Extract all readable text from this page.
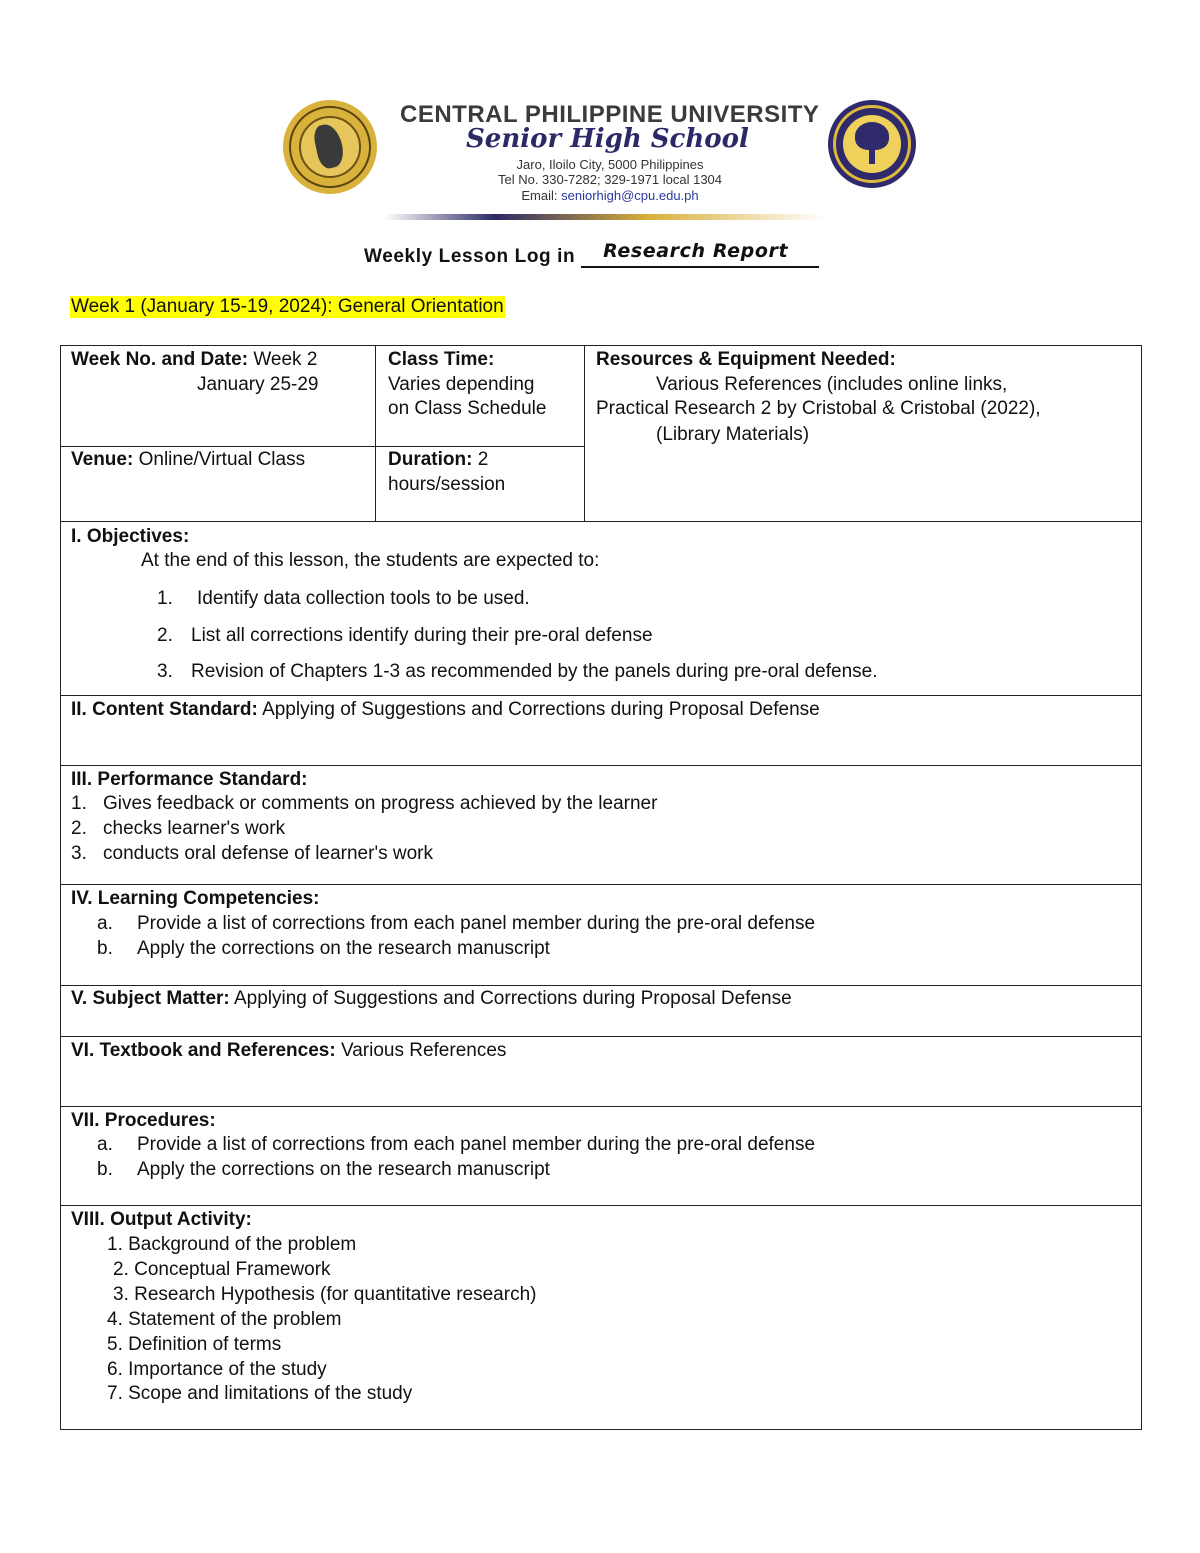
CENTRAL PHILIPPINE UNIVERSITY
Senior High School
Jaro, Iloilo City, 5000 Philippines
Tel No. 330-7282; 329-1971 local 1304
Email: seniorhigh@cpu.edu.ph
Weekly Lesson Log in Research Report
Week 1 (January 15-19, 2024): General Orientation
Week No. and Date: Week 2
January 25-29
Class Time:
Varies depending
on Class Schedule
Resources & Equipment Needed:
Various References (includes online links,
Practical Research 2 by Cristobal & Cristobal (2022),
(Library Materials)
Venue: Online/Virtual Class	Duration: 2
hours/session
I. Objectives:
At the end of this lesson, the students are expected to:
1. Identify data collection tools to be used.
2. List all corrections identify during their pre-oral defense
3. Revision of Chapters 1-3 as recommended by the panels during pre-oral defense.
II. Content Standard: Applying of Suggestions and Corrections during Proposal Defense
III. Performance Standard:
1. Gives feedback or comments on progress achieved by the learner
2. checks learner's work
3. conducts oral defense of learner's work
IV. Learning Competencies:
a. Provide a list of corrections from each panel member during the pre-oral defense
b. Apply the corrections on the research manuscript
V. Subject Matter: Applying of Suggestions and Corrections during Proposal Defense
VI. Textbook and References: Various References
VII. Procedures:
a. Provide a list of corrections from each panel member during the pre-oral defense
b. Apply the corrections on the research manuscript
VIII. Output Activity:
1. Background of the problem
2. Conceptual Framework
3. Research Hypothesis (for quantitative research)
4. Statement of the problem
5. Definition of terms
6. Importance of the study
7. Scope and limitations of the study
